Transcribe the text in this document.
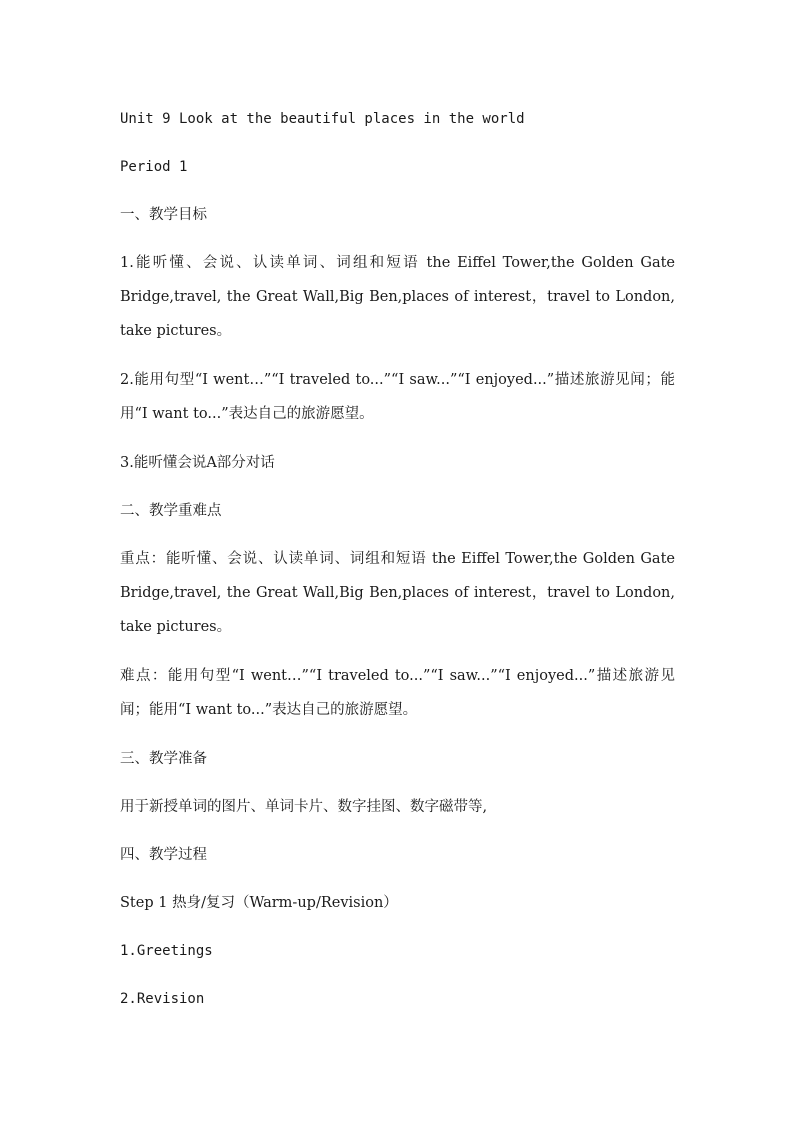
Unit 9 Look at the beautiful places in the world
Period 1
一、教学目标
1.能听懂、会说、认读单词、词组和短语 the Eiffel Tower,the Golden Gate Bridge,travel, the Great Wall,Big Ben,places of interest，travel to London, take pictures。
2.能用句型“I went…”“I traveled to...”“I saw...”“I enjoyed...”描述旅游见闻；能用“I want to...”表达自己的旅游愿望。
3.能听懂会说A部分对话
二、教学重难点
重点：能听懂、会说、认读单词、词组和短语 the Eiffel Tower,the Golden Gate Bridge,travel, the Great Wall,Big Ben,places of interest，travel to London, take pictures。
难点：能用句型“I went…”“I traveled to...”“I saw...”“I enjoyed...”描述旅游见闻；能用“I want to...”表达自己的旅游愿望。
三、教学准备
用于新授单词的图片、单词卡片、数字挂图、数字磁带等,
四、教学过程
Step 1 热身/复习（Warm-up/Revision）
1.Greetings
2.Revision
